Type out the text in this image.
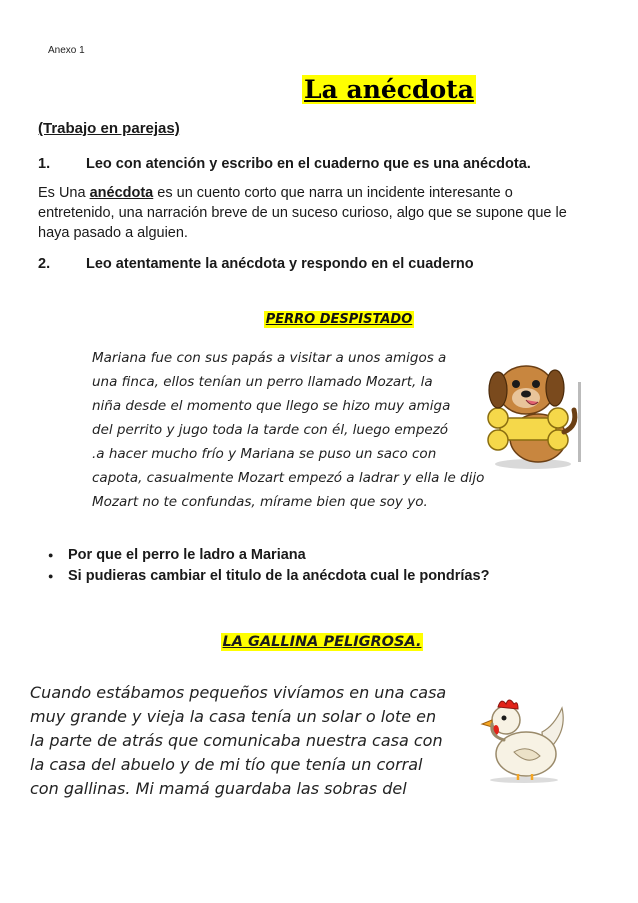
Anexo 1
La anécdota
(Trabajo en parejas)
1. Leo con atención y escribo en el cuaderno que es una anécdota.
Es Una anécdota es un cuento corto que narra un incidente interesante o entretenido, una narración breve de un suceso curioso, algo que se supone que le haya pasado a alguien.
2. Leo atentamente la anécdota y respondo en el cuaderno
PERRO DESPISTADO
Mariana fue con sus papás a visitar a unos amigos a
una finca, ellos tenían un perro llamado Mozart, la
niña desde el momento que llego se hizo muy amiga
del perrito y jugo toda la tarde con él, luego empezó
.a hacer mucho frío y Mariana se puso un saco con
capota, casualmente Mozart empezó a ladrar y ella le dijo
Mozart no te confundas, mírame bien que soy yo.
● Por que el perro le ladro a Mariana
● Si pudieras cambiar el titulo de la anécdota cual le pondrías?
LA GALLINA PELIGROSA.
Cuando estábamos pequeños vivíamos en una casa
muy grande y vieja la casa tenía un solar o lote en
la parte de atrás que comunicaba nuestra casa con
la casa del abuelo y de mi tío que tenía un corral
con gallinas. Mi mamá guardaba las sobras del
